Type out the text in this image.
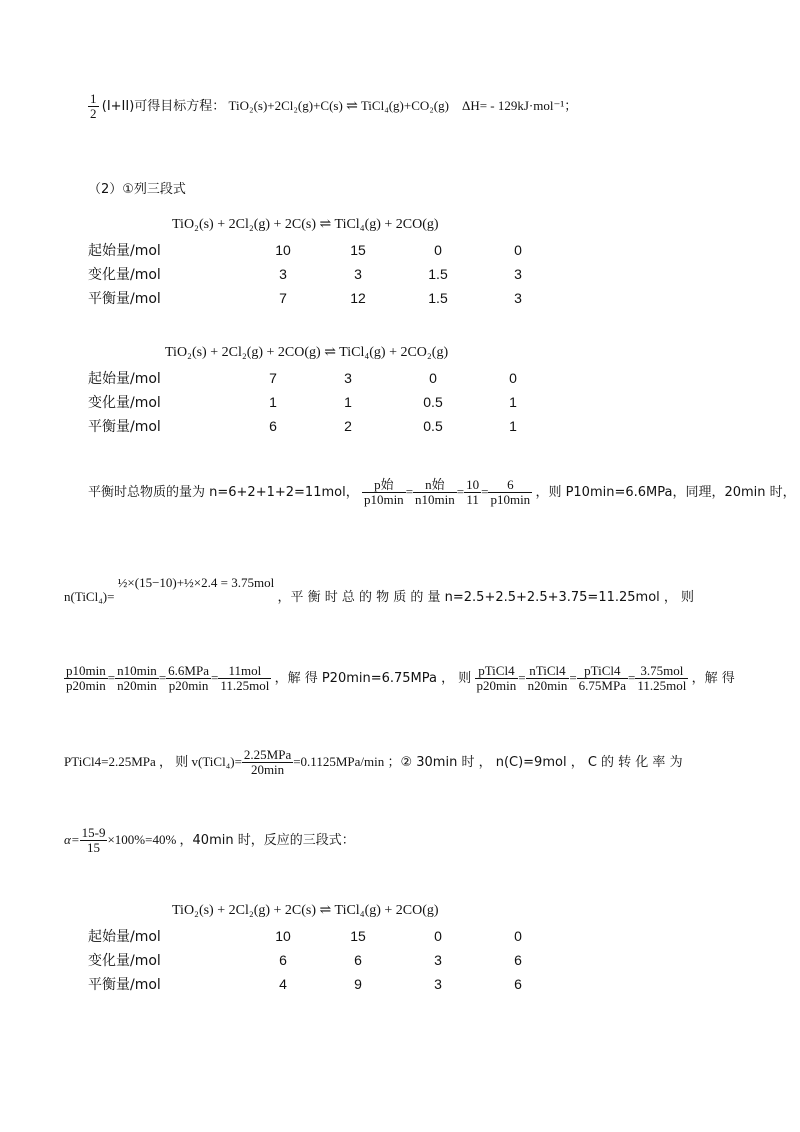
$\frac{1}{2} (I+II)$可得目标方程： TiO₂(s)+2Cl₂(g)+C(s) ⇌ TiCl₄(g)+CO₂(g) ΔH= - 129kJ·mol⁻¹；
（2）①列三段式
TiO₂(s) + 2Cl₂(g) + 2C(s) ⇌ TiCl₄(g) + 2CO(g)
起始量/mol	10	15	0	0
变化量/mol	3	3	1.5	3
平衡量/mol	7	12	1.5	3
TiO₂(s) + 2Cl₂(g) + 2CO(g) ⇌ TiCl₄(g) + 2CO₂(g)
起始量/mol	7	3	0	0
变化量/mol	1	1	0.5	1
平衡量/mol	6	2	0.5	1
平衡时总物质的量为 n=6+2+1+2=11mol， $\frac{\text{p始}}{p10\min} = \frac{\text{n始}}{n10\min} = \frac{10}{11} = \frac{6}{p10\min}$ ，则 P10min=6.6MPa，同理，20min 时，
n(TiCl₄)= ½×(15−10)+½×2.4 = 3.75mol ，平 衡 时 总 的 物 质 的 量 n=2.5+2.5+2.5+3.75=11.25mol ， 则
$\frac{p10\min}{p20\min} = \frac{n10\min}{n20\min} = \frac{\text{6.6MPa}}{p20\min} = \frac{\text{11mol}}{\text{11.25mol}}$ ，解 得 P20min=6.75MPa ， 则 $\frac{\text{pTiCl4}}{p20\min} = \frac{\text{nTiCl4}}{n20\min} = \frac{\text{pTiCl4}}{\text{6.75MPa}} = \frac{\text{3.75mol}}{\text{11.25mol}}$ ，解 得
PTiCl4=2.25MPa ， 则 v(TiCl₄)= $\frac{\text{2.25MPa}}{20\min} =0.1125MPa/\min$ ；② 30min 时 ， n(C)=9mol ， C 的 转 化 率 为
$\alpha= \frac{15-9}{15} \times 100\%=40\%$ ，40min 时，反应的三段式：
TiO₂(s) + 2Cl₂(g) + 2C(s) ⇌ TiCl₄(g) + 2CO(g)
起始量/mol	10	15	0	0
变化量/mol	6	6	3	6
平衡量/mol	4	9	3	6
